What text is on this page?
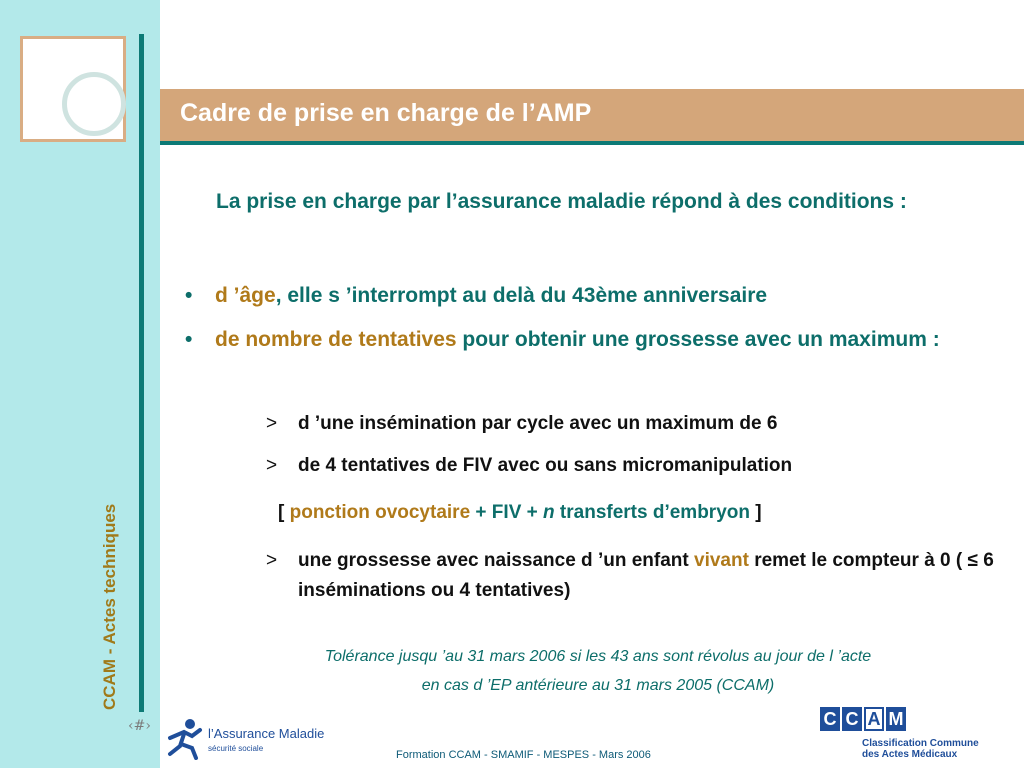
CCAM - Actes techniques
‹#›
Cadre de prise en charge de l’AMP

La prise en charge par l’assurance maladie répond à des conditions :

• d ’âge, elle s ’interrompt au delà du 43ème anniversaire
• de nombre de tentatives pour obtenir une grossesse avec un maximum :
> d ’une insémination par cycle avec un maximum de 6
> de 4 tentatives de FIV avec ou sans micromanipulation
[ ponction ovocytaire + FIV + n transferts d’embryon ]
> une grossesse avec naissance d ’un enfant vivant remet le compteur à 0 ( ≤ 6 inséminations ou 4 tentatives)

Tolérance jusqu ’au 31 mars 2006 si les 43 ans sont révolus au jour de l ’acte
en cas d ’EP antérieure au 31 mars 2005 (CCAM)

l’Assurance Maladie
sécurité sociale
Formation CCAM - SMAMIF - MESPES - Mars 2006
C C A M
Classification Commune
des Actes Médicaux
